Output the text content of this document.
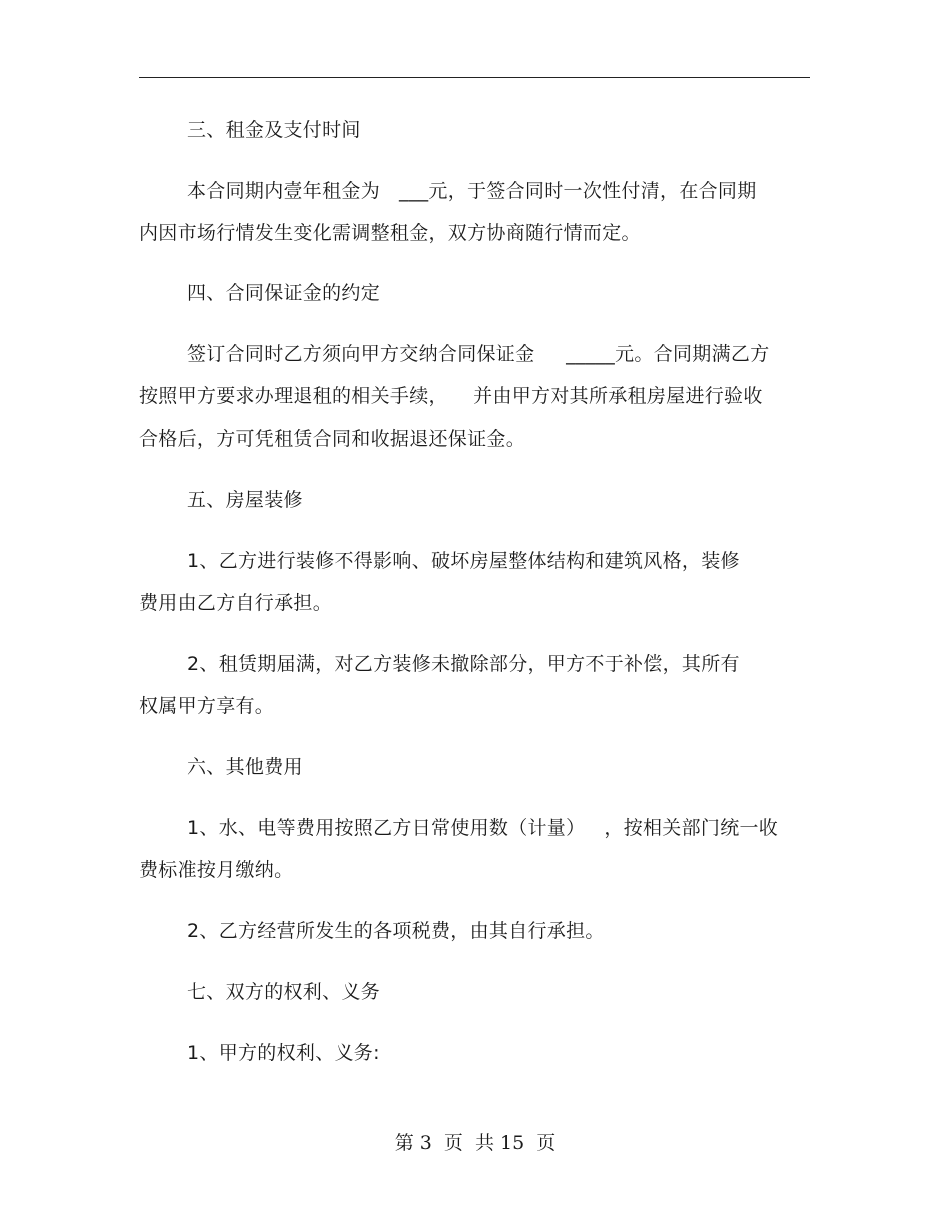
三、租金及支付时间
本合同期内壹年租金为   ___元，于签合同时一次性付清，在合同期
内因市场行情发生变化需调整租金，双方协商随行情而定。
四、合同保证金的约定
签订合同时乙方须向甲方交纳合同保证金     _____元。合同期满乙方
按照甲方要求办理退租的相关手续，    并由甲方对其所承租房屋进行验收
合格后，方可凭租赁合同和收据退还保证金。
五、房屋装修
1、乙方进行装修不得影响、破坏房屋整体结构和建筑风格，装修
费用由乙方自行承担。
2、租赁期届满，对乙方装修未撤除部分，甲方不于补偿，其所有
权属甲方享有。
六、其他费用
1、水、电等费用按照乙方日常使用数（计量）   ，按相关部门统一收
费标准按月缴纳。
2、乙方经营所发生的各项税费，由其自行承担。
七、双方的权利、义务
1、甲方的权利、义务:
第 3  页  共 15  页
